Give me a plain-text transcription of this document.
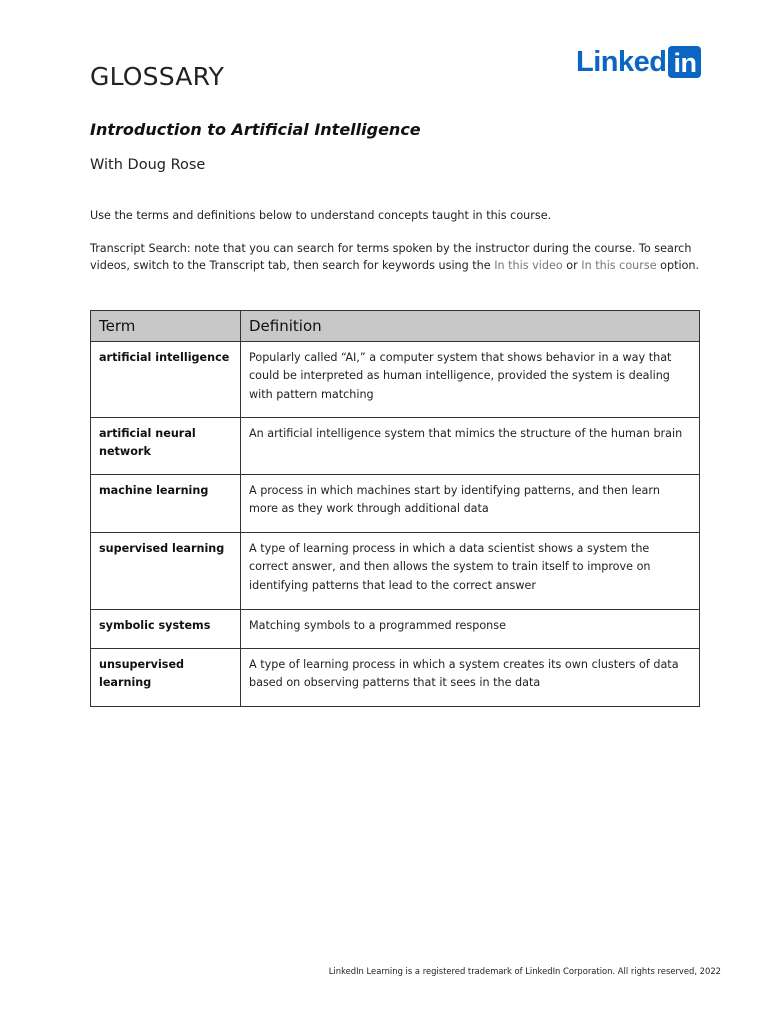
GLOSSARY	Linked in
Introduction to Artificial Intelligence
With Doug Rose

Use the terms and definitions below to understand concepts taught in this course.

Transcript Search: note that you can search for terms spoken by the instructor during the course. To search videos, switch to the Transcript tab, then search for keywords using the In this video or In this course option.

Term	Definition
artificial intelligence	Popularly called “AI,” a computer system that shows behavior in a way that could be interpreted as human intelligence, provided the system is dealing with pattern matching
artificial neural network	An artificial intelligence system that mimics the structure of the human brain
machine learning	A process in which machines start by identifying patterns, and then learn more as they work through additional data
supervised learning	A type of learning process in which a data scientist shows a system the correct answer, and then allows the system to train itself to improve on identifying patterns that lead to the correct answer
symbolic systems	Matching symbols to a programmed response
unsupervised learning	A type of learning process in which a system creates its own clusters of data based on observing patterns that it sees in the data
LinkedIn Learning is a registered trademark of LinkedIn Corporation. All rights reserved, 2022
